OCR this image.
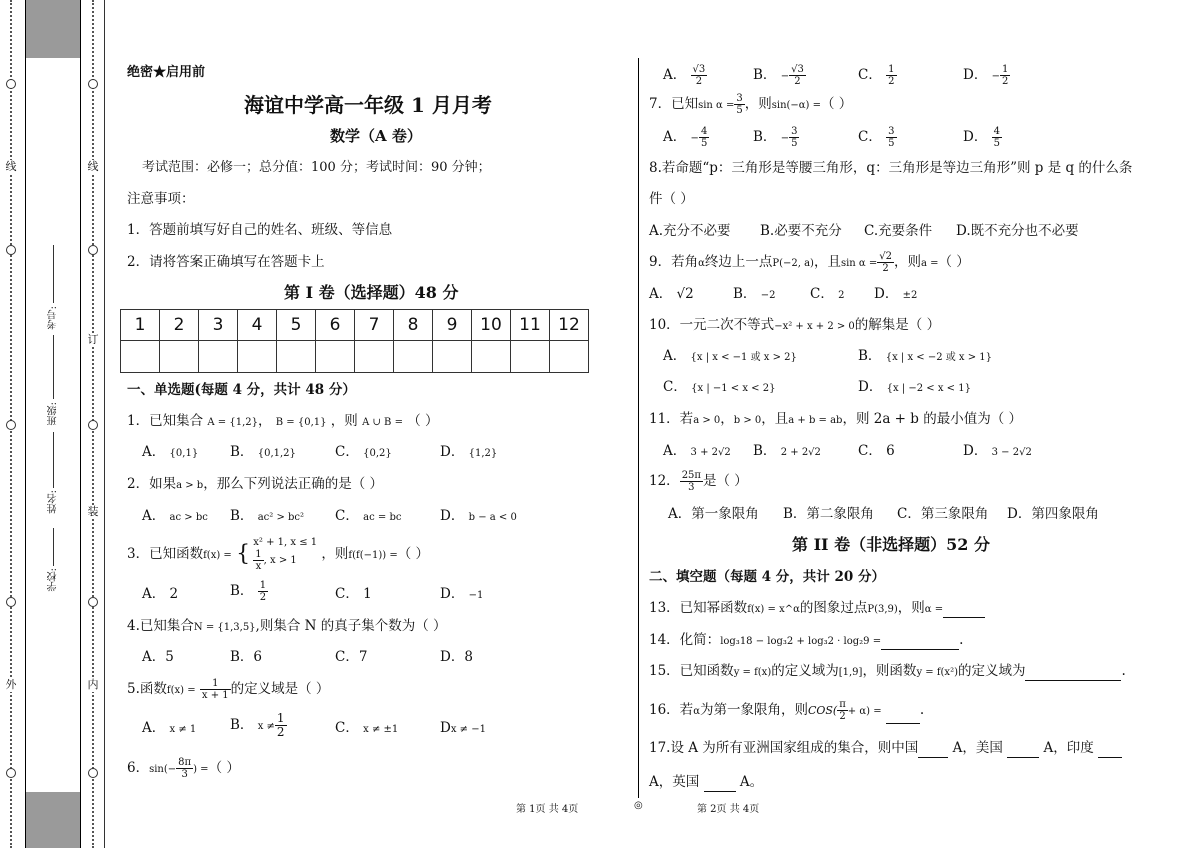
线
外
学校:
姓名:
班级:
考号:
线
订
装
内
绝密★启用前
海谊中学高一年级 1 月月考
数学（A 卷）
考试范围：必修一；总分值：100 分；考试时间：90 分钟；
注意事项：
1．答题前填写好自己的姓名、班级、等信息
2．请将答案正确填写在答题卡上
第 I 卷（选择题）48 分
1	2	3	4	5	6	7	8	9	10	11	12

一、单选题(每题 4 分，共计 48 分）
1．已知集合 A = {1,2}， B = {0,1} ，则 A ∪ B = （ ）
A． {0,1} B． {0,1,2}	C． {0,2}	D． {1,2}
2．如果a > b，那么下列说法正确的是（ ）
A． ac > bc B． ac² > bc² C． ac = bc	D． b − a < 0
3．已知函数f(x) = { x² + 1, x ≤ 1
$\frac{1}{x}$ , x > 1	，则f(f(−1)) =（ ）
A． 2	B． $\frac{1}{2}$	C． 1	D． −1
4.已知集合N = {1,3,5},则集合 N 的真子集个数为（ ）
A．5	B．6	C．7	D．8
5.函数$f(x) = \frac{1}{x + 1}$ 的定义域是（ ）
A． x ≠ 1 B． $x \ne \frac{1}{2}$	C． x ≠ ±1	Dx ≠ −1
6．$\sin(- \frac{8\pi}{3}$ ) =（ ）
A． $\frac{√3}{2}$	B． − $\frac{√3}{2}$	C． $\frac{1}{2}$	D． − $\frac{1}{2}$
7．已知$\sin \alpha = \frac{3}{5}$ ，则sin(−α) =（ ）
A． − $\frac{4}{5}$	B． − $\frac{3}{5}$	C． $\frac{3}{5}$	D． $\frac{4}{5}$
8.若命题“p：三角形是等腰三角形，q：三角形是等边三角形”则 p 是 q 的什么条
件（ ）
A.充分不必要 B.必要不充分 C.充要条件 D.既不充分也不必要
9．若角α终边上一点P(−2, a)，且$\sin \alpha = \frac{√2}{2}$ ，则a =（ ）
A． √2	B． −2	C． 2 D． ±2
10．一元二次不等式−x² + x + 2 > 0的解集是（ ）
A． {x | x < −1 或 x > 2}	B． {x | x < −2 或 x > 1}
C． {x | −1 < x < 2}	D． {x | −2 < x < 1}
11．若a > 0，b > 0，且a + b = ab，则 2a + b 的最小值为（ ）
A． 3 + 2√2 B． 2 + 2√2	C． 6	D． 3 − 2√2
12． $\frac{25\pi}{3}$ 是（ ）
A．第一象限角 B．第二象限角 C．第三象限角 D．第四象限角
第 II 卷（非选择题）52 分
二、填空题（每题 4 分，共计 20 分）
13．已知幂函数f(x) = x^α的图象过点P(3,9)，则α =
14．化简：log₃18 − log₃2 + log₃2 · log₂9 =	.
15．已知函数y = f(x)的定义域为[1,9]，则函数y = f(x²)的定义域为	.
16．若α为第一象限角，则$COS( \frac{\pi}{2} + \alpha)$ =	.
17.设 A 为所有亚洲国家组成的集合，则中国	A，美国	A，印度
A，英国	A。
第 1页 共 4页	◎	第 2页 共 4页
